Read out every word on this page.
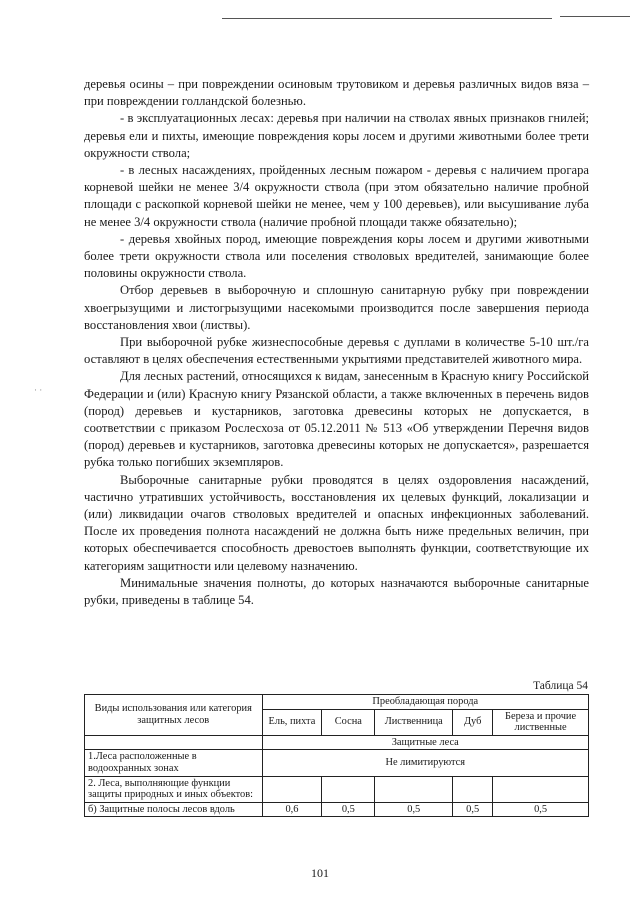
· ·

деревья осины – при повреждении осиновым трутовиком и деревья различных видов вяза – при повреждении голландской болезнью.

- в эксплуатационных лесах: деревья при наличии на стволах явных признаков гнилей; деревья ели и пихты, имеющие повреждения коры лосем и другими животными более трети окружности ствола;

- в лесных насаждениях, пройденных лесным пожаром - деревья с наличием прогара корневой шейки не менее 3/4 окружности ствола (при этом обязательно наличие пробной площади с раскопкой корневой шейки не менее, чем у 100 деревьев), или высушивание луба не менее 3/4 окружности ствола (наличие пробной площади также обязательно);

- деревья хвойных пород, имеющие повреждения коры лосем и другими животными более трети окружности ствола или поселения стволовых вредителей, занимающие более половины окружности ствола.

Отбор деревьев в выборочную и сплошную санитарную рубку при повреждении хвоегрызущими и листогрызущими насекомыми производится после завершения периода восстановления хвои (листвы).

При выборочной рубке жизнеспособные деревья с дуплами в количестве 5-10 шт./га оставляют в целях обеспечения естественными укрытиями представителей животного мира.

Для лесных растений, относящихся к видам, занесенным в Красную книгу Российской Федерации и (или) Красную книгу Рязанской области, а также включенных в перечень видов (пород) деревьев и кустарников, заготовка древесины которых не допускается, в соответствии с приказом Рослесхоза от 05.12.2011 № 513 «Об утверждении Перечня видов (пород) деревьев и кустарников, заготовка древесины которых не допускается», разрешается рубка только погибших экземпляров.

Выборочные санитарные рубки проводятся в целях оздоровления насаждений, частично утративших устойчивость, восстановления их целевых функций, локализации и (или) ликвидации очагов стволовых вредителей и опасных инфекционных заболеваний. После их проведения полнота насаждений не должна быть ниже предельных величин, при которых обеспечивается способность древостоев выполнять функции, соответствующие их категориям защитности или целевому назначению.

Минимальные значения полноты, до которых назначаются выборочные санитарные рубки, приведены в таблице 54.

Таблица 54
Виды использования или категория защитных лесов	Преобладающая порода				
	Ель, пихта	Сосна	Лиственница	Дуб	Береза и прочие лиственные
	Защитные леса				
1.Леса расположенные в водоохранных зонах	Не лимитируются				
2. Леса, выполняющие функции защиты природных и иных объектов:					
б) Защитные полосы лесов вдоль	0,6	0,5	0,5	0,5	0,5
101
